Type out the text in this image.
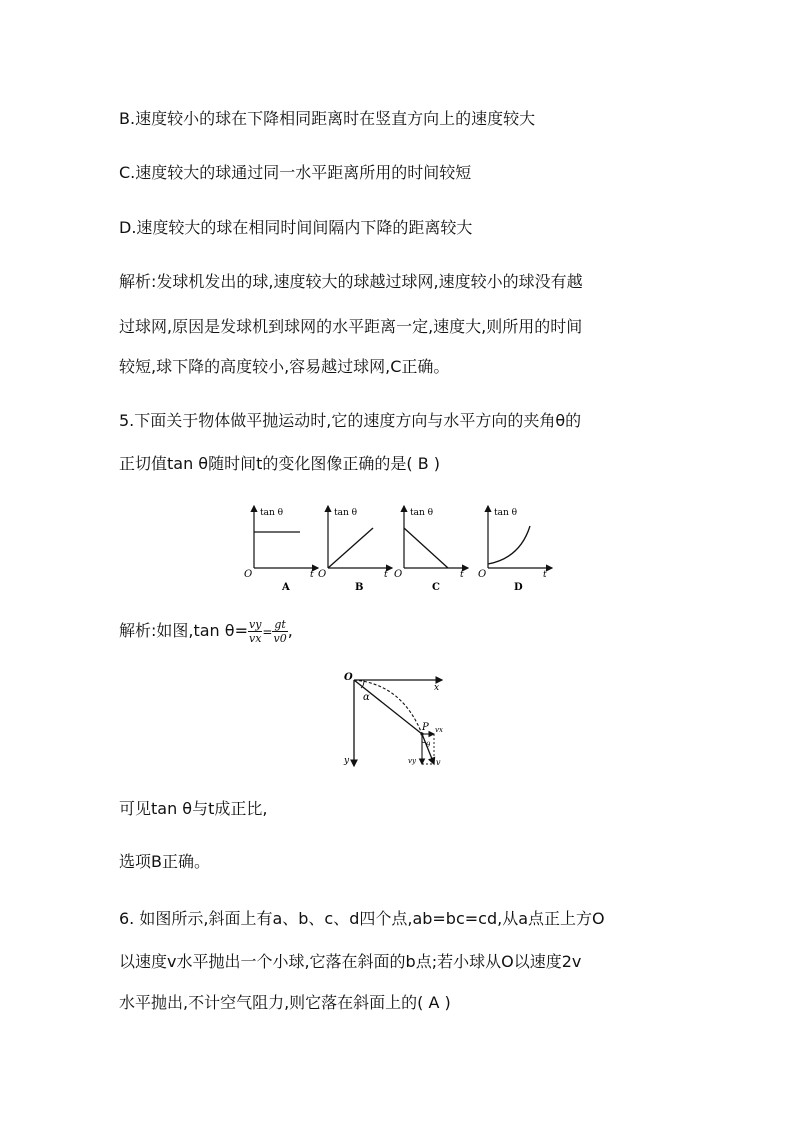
B.速度较小的球在下降相同距离时在竖直方向上的速度较大
C.速度较大的球通过同一水平距离所用的时间较短
D.速度较大的球在相同时间间隔内下降的距离较大
解析:发球机发出的球,速度较大的球越过球网,速度较小的球没有越
过球网,原因是发球机到球网的水平距离一定,速度大,则所用的时间
较短,球下降的高度较小,容易越过球网,C正确。
5.下面关于物体做平抛运动时,它的速度方向与水平方向的夹角θ的
正切值tan θ随时间t的变化图像正确的是( B )
tan θ
O	t
A
tan θ
O	t
B
tan θ
O	t
C
tan θ
O	t
D
解析:如图,tan $\theta= \frac{vy}{vx} = \frac{gt}{v0}$ ,
O
x
y
α
P vx
vy	v
θ
可见tan θ与t成正比,
选项B正确。
6. 如图所示,斜面上有a、b、c、d四个点,ab=bc=cd,从a点正上方O
以速度v水平抛出一个小球,它落在斜面的b点;若小球从O以速度2v
水平抛出,不计空气阻力,则它落在斜面上的( A )
